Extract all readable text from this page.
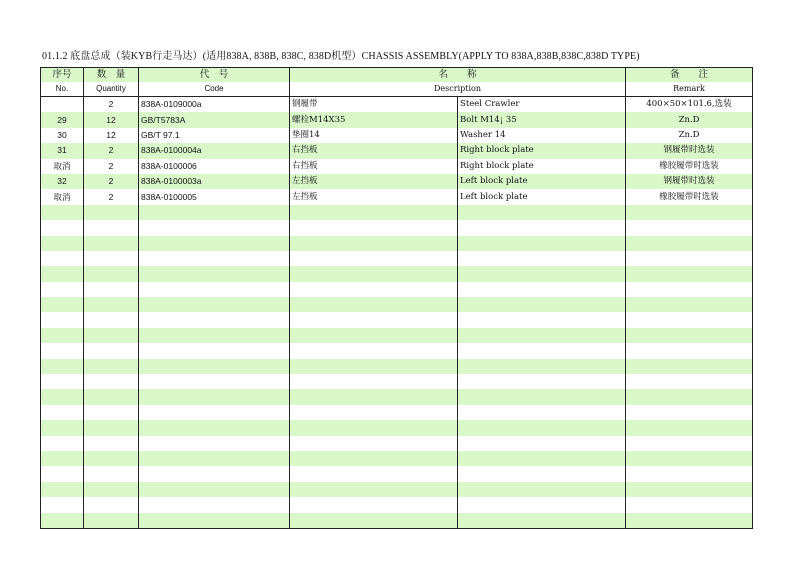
01.1.2 底盘总成（装KYB行走马达）(适用838A, 838B, 838C, 838D机型）CHASSIS ASSEMBLY(APPLY TO 838A,838B,838C,838D TYPE)
序号	数　量	代　号	名　　称		备　　注
No.	Quantity	Code	Description		Remark
	2	838A-0109000a	钢履带	Steel Crawler	400×50×101.6,选装
29	12	GB/T5783A	螺栓M14X35	Bolt M14¡ 35	Zn.D
30	12	GB/T 97.1	垫圈14	Washer 14	Zn.D
31	2	838A-0100004a	右挡板	Right block plate	钢履带时选装
取消	2	838A-0100006	右挡板	Right block plate	橡胶履带时选装
32	2	838A-0100003a	左挡板	Left block plate	钢履带时选装
取消	2	838A-0100005	左挡板	Left block plate	橡胶履带时选装
